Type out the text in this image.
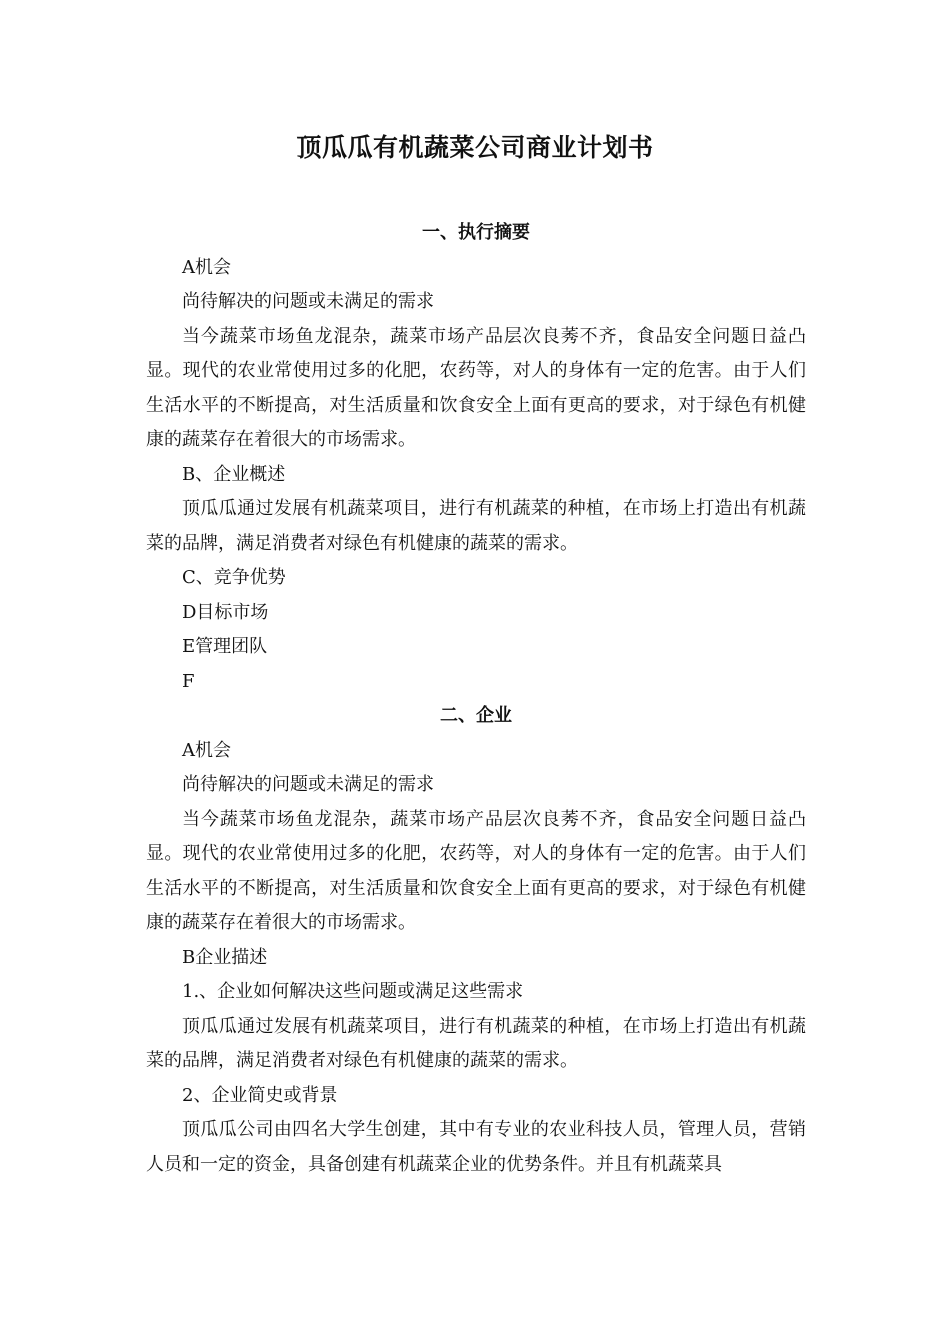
顶瓜瓜有机蔬菜公司商业计划书
一、执行摘要
A机会
尚待解决的问题或未满足的需求
当今蔬菜市场鱼龙混杂，蔬菜市场产品层次良莠不齐，食品安全问题日益凸显。现代的农业常使用过多的化肥，农药等，对人的身体有一定的危害。由于人们生活水平的不断提高，对生活质量和饮食安全上面有更高的要求，对于绿色有机健康的蔬菜存在着很大的市场需求。
B、企业概述
顶瓜瓜通过发展有机蔬菜项目，进行有机蔬菜的种植，在市场上打造出有机蔬菜的品牌，满足消费者对绿色有机健康的蔬菜的需求。
C、竞争优势
D目标市场
E管理团队
F
二、企业
A机会
尚待解决的问题或未满足的需求
当今蔬菜市场鱼龙混杂，蔬菜市场产品层次良莠不齐，食品安全问题日益凸显。现代的农业常使用过多的化肥，农药等，对人的身体有一定的危害。由于人们生活水平的不断提高，对生活质量和饮食安全上面有更高的要求，对于绿色有机健康的蔬菜存在着很大的市场需求。
B企业描述
1.、企业如何解决这些问题或满足这些需求
顶瓜瓜通过发展有机蔬菜项目，进行有机蔬菜的种植，在市场上打造出有机蔬菜的品牌，满足消费者对绿色有机健康的蔬菜的需求。
2、企业简史或背景
顶瓜瓜公司由四名大学生创建，其中有专业的农业科技人员，管理人员，营销人员和一定的资金，具备创建有机蔬菜企业的优势条件。并且有机蔬菜具
